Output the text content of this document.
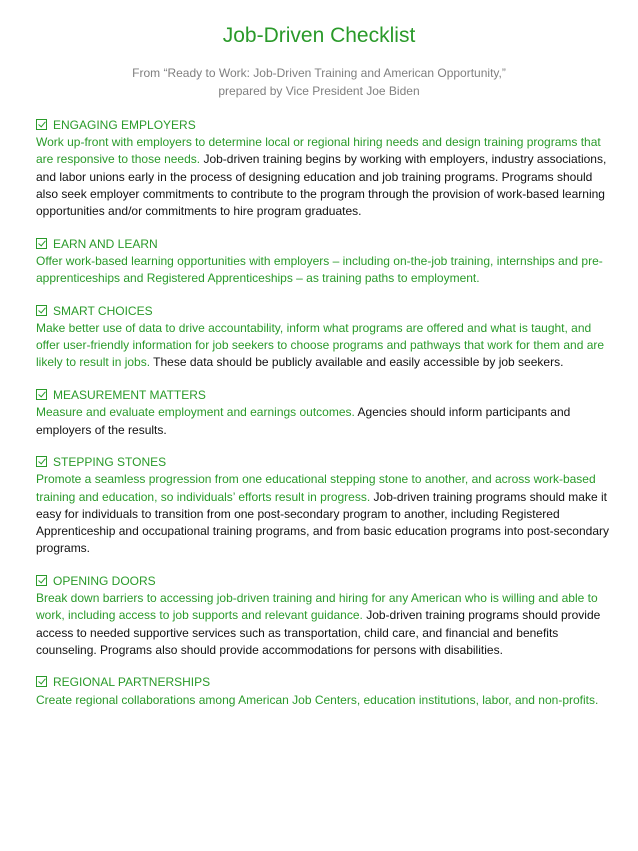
Job-Driven Checklist
From “Ready to Work: Job-Driven Training and American Opportunity,”
prepared by Vice President Joe Biden
ENGAGING EMPLOYERS
Work up-front with employers to determine local or regional hiring needs and design training programs that are responsive to those needs. Job-driven training begins by working with employers, industry associations, and labor unions early in the process of designing education and job training programs. Programs should also seek employer commitments to contribute to the program through the provision of work-based learning opportunities and/or commitments to hire program graduates.
EARN AND LEARN
Offer work-based learning opportunities with employers – including on-the-job training, internships and pre-apprenticeships and Registered Apprenticeships – as training paths to employment.
SMART CHOICES
Make better use of data to drive accountability, inform what programs are offered and what is taught, and offer user-friendly information for job seekers to choose programs and pathways that work for them and are likely to result in jobs. These data should be publicly available and easily accessible by job seekers.
MEASUREMENT MATTERS
Measure and evaluate employment and earnings outcomes. Agencies should inform participants and employers of the results.
STEPPING STONES
Promote a seamless progression from one educational stepping stone to another, and across work-based training and education, so individuals’ efforts result in progress. Job-driven training programs should make it easy for individuals to transition from one post-secondary program to another, including Registered Apprenticeship and occupational training programs, and from basic education programs into post-secondary programs.
OPENING DOORS
Break down barriers to accessing job-driven training and hiring for any American who is willing and able to work, including access to job supports and relevant guidance. Job-driven training programs should provide access to needed supportive services such as transportation, child care, and financial and benefits counseling. Programs also should provide accommodations for persons with disabilities.
REGIONAL PARTNERSHIPS
Create regional collaborations among American Job Centers, education institutions, labor, and non-profits.
